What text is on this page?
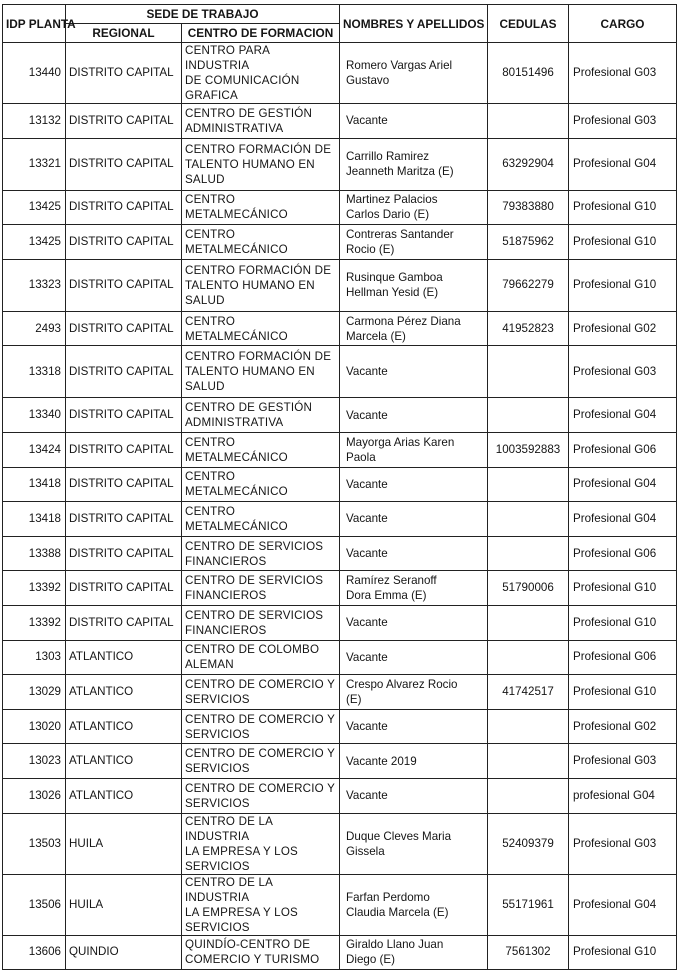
IDP PLANTA	SEDE DE TRABAJO		NOMBRES Y APELLIDOS	CEDULAS	CARGO
	REGIONAL	CENTRO DE FORMACION			
13440	DISTRITO CAPITAL	CENTRO PARA INDUSTRIA
DE COMUNICACIÓN
GRAFICA	Romero Vargas Ariel
Gustavo	80151496	Profesional G03
13132	DISTRITO CAPITAL	CENTRO DE GESTIÓN
ADMINISTRATIVA	Vacante		Profesional G03
13321	DISTRITO CAPITAL	CENTRO FORMACIÓN DE
TALENTO HUMANO EN
SALUD	Carrillo Ramirez
Jeanneth Maritza (E)	63292904	Profesional G04
13425	DISTRITO CAPITAL	CENTRO
METALMECÁNICO	Martinez Palacios
Carlos Dario (E)	79383880	Profesional G10
13425	DISTRITO CAPITAL	CENTRO
METALMECÁNICO	Contreras Santander
Rocio (E)	51875962	Profesional G10
13323	DISTRITO CAPITAL	CENTRO FORMACIÓN DE
TALENTO HUMANO EN
SALUD	Rusinque Gamboa
Hellman Yesid (E)	79662279	Profesional G10
2493	DISTRITO CAPITAL	CENTRO
METALMECÁNICO	Carmona Pérez Diana
Marcela (E)	41952823	Profesional G02
13318	DISTRITO CAPITAL	CENTRO FORMACIÓN DE
TALENTO HUMANO EN
SALUD	Vacante		Profesional G03
13340	DISTRITO CAPITAL	CENTRO DE GESTIÓN
ADMINISTRATIVA	Vacante		Profesional G04
13424	DISTRITO CAPITAL	CENTRO
METALMECÁNICO	Mayorga Arias Karen
Paola	1003592883	Profesional G06
13418	DISTRITO CAPITAL	CENTRO
METALMECÁNICO	Vacante		Profesional G04
13418	DISTRITO CAPITAL	CENTRO
METALMECÁNICO	Vacante		Profesional G04
13388	DISTRITO CAPITAL	CENTRO DE SERVICIOS
FINANCIEROS	Vacante		Profesional G06
13392	DISTRITO CAPITAL	CENTRO DE SERVICIOS
FINANCIEROS	Ramírez Seranoff
Dora Emma (E)	51790006	Profesional G10
13392	DISTRITO CAPITAL	CENTRO DE SERVICIOS
FINANCIEROS	Vacante		Profesional G10
1303	ATLANTICO	CENTRO DE COLOMBO
ALEMAN	Vacante		Profesional G06
13029	ATLANTICO	CENTRO DE COMERCIO Y
SERVICIOS	Crespo Alvarez Rocio
(E)	41742517	Profesional G10
13020	ATLANTICO	CENTRO DE COMERCIO Y
SERVICIOS	Vacante		Profesional G02
13023	ATLANTICO	CENTRO DE COMERCIO Y
SERVICIOS	Vacante 2019		Profesional G03
13026	ATLANTICO	CENTRO DE COMERCIO Y
SERVICIOS	Vacante		profesional G04
13503	HUILA	CENTRO DE LA INDUSTRIA
LA EMPRESA Y LOS
SERVICIOS	Duque Cleves Maria
Gissela	52409379	Profesional G03
13506	HUILA	CENTRO DE LA INDUSTRIA
LA EMPRESA Y LOS
SERVICIOS	Farfan Perdomo
Claudia Marcela (E)	55171961	Profesional G04
13606	QUINDIO	QUINDÍO-CENTRO DE
COMERCIO Y TURISMO	Giraldo Llano Juan
Diego (E)	7561302	Profesional G10
